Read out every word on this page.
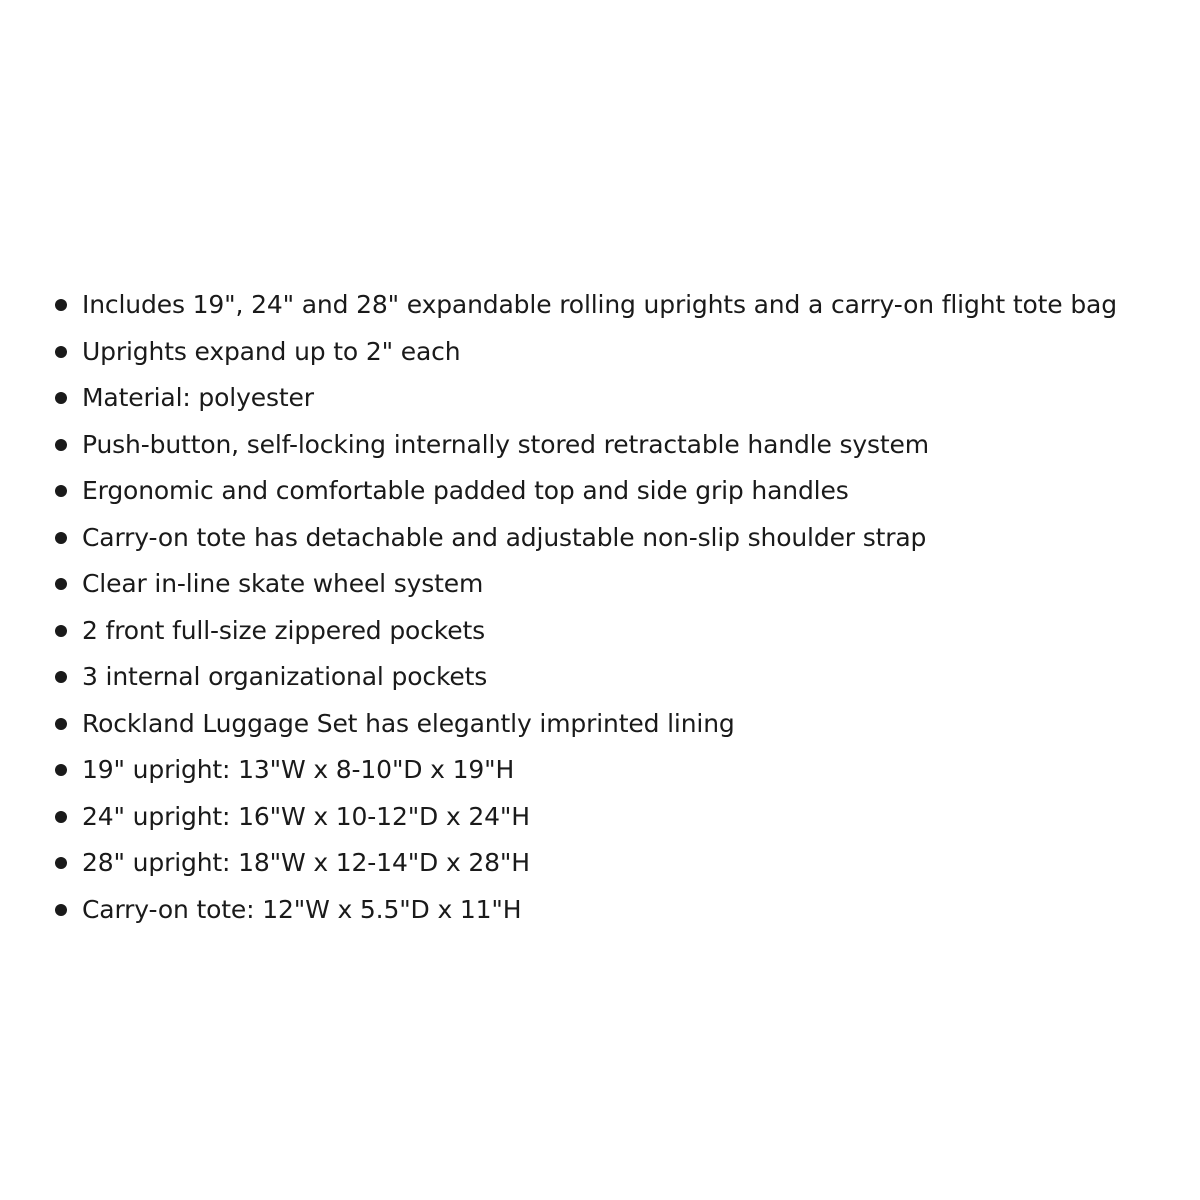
Includes 19", 24" and 28" expandable rolling uprights and a carry-on flight tote bag
Uprights expand up to 2" each
Material: polyester
Push-button, self-locking internally stored retractable handle system
Ergonomic and comfortable padded top and side grip handles
Carry-on tote has detachable and adjustable non-slip shoulder strap
Clear in-line skate wheel system
2 front full-size zippered pockets
3 internal organizational pockets
Rockland Luggage Set has elegantly imprinted lining
19" upright: 13"W x 8-10"D x 19"H
24" upright: 16"W x 10-12"D x 24"H
28" upright: 18"W x 12-14"D x 28"H
Carry-on tote: 12"W x 5.5"D x 11"H
